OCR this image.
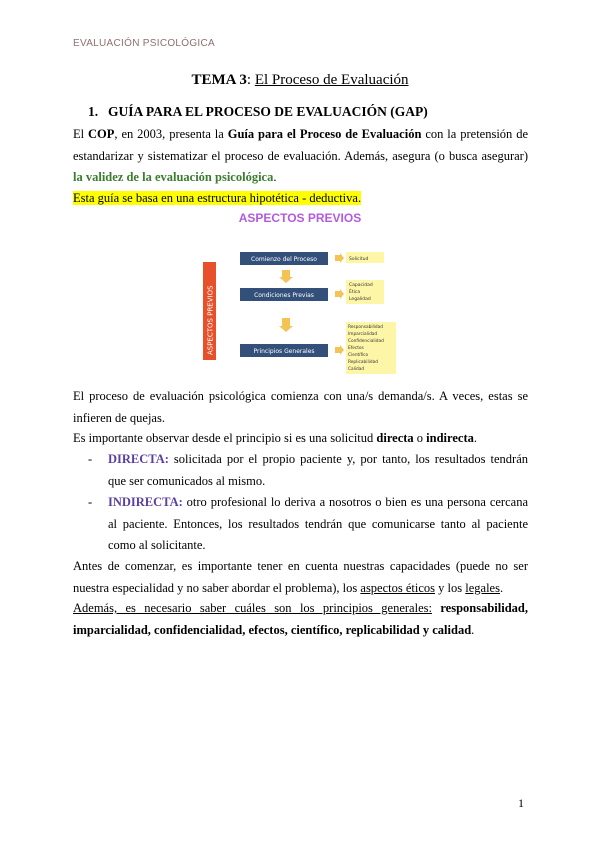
EVALUACIÓN PSICOLÓGICA
TEMA 3: El Proceso de Evaluación
1. GUÍA PARA EL PROCESO DE EVALUACIÓN (GAP)
El COP, en 2003, presenta la Guía para el Proceso de Evaluación con la pretensión de estandarizar y sistematizar el proceso de evaluación. Además, asegura (o busca asegurar) la validez de la evaluación psicológica.
Esta guía se basa en una estructura hipotética - deductiva.
ASPECTOS PREVIOS
ASPECTOS PREVIOS
Comienzo del Proceso
Condiciones Previas
Principios Generales
Solicitud
Capacidad
Ética
Legalidad
Responsabilidad
Imparcialidad
Confidencialidad
Efectos
Científico
Replicabilidad
Calidad
El proceso de evaluación psicológica comienza con una/s demanda/s. A veces, estas se infieren de quejas.
Es importante observar desde el principio si es una solicitud directa o indirecta.
- DIRECTA: solicitada por el propio paciente y, por tanto, los resultados tendrán que ser comunicados al mismo.
- INDIRECTA: otro profesional lo deriva a nosotros o bien es una persona cercana al paciente. Entonces, los resultados tendrán que comunicarse tanto al paciente como al solicitante.
Antes de comenzar, es importante tener en cuenta nuestras capacidades (puede no ser nuestra especialidad y no saber abordar el problema), los aspectos éticos y los legales.
Además, es necesario saber cuáles son los principios generales: responsabilidad, imparcialidad, confidencialidad, efectos, científico, replicabilidad y calidad.
1
